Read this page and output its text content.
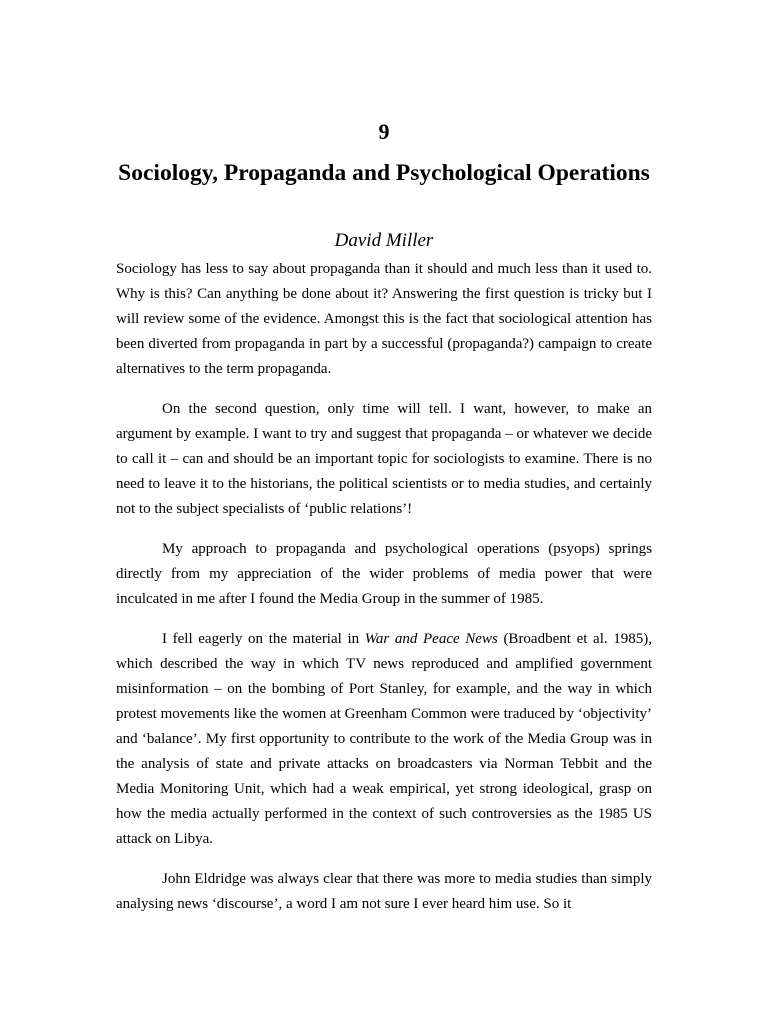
9
Sociology, Propaganda and Psychological Operations
David Miller

Sociology has less to say about propaganda than it should and much less than it used to. Why is this? Can anything be done about it? Answering the first question is tricky but I will review some of the evidence. Amongst this is the fact that sociological attention has been diverted from propaganda in part by a successful (propaganda?) campaign to create alternatives to the term propaganda.

On the second question, only time will tell. I want, however, to make an argument by example. I want to try and suggest that propaganda – or whatever we decide to call it – can and should be an important topic for sociologists to examine. There is no need to leave it to the historians, the political scientists or to media studies, and certainly not to the subject specialists of ‘public relations’!

My approach to propaganda and psychological operations (psyops) springs directly from my appreciation of the wider problems of media power that were inculcated in me after I found the Media Group in the summer of 1985.

I fell eagerly on the material in War and Peace News (Broadbent et al. 1985), which described the way in which TV news reproduced and amplified government misinformation – on the bombing of Port Stanley, for example, and the way in which protest movements like the women at Greenham Common were traduced by ‘objectivity’ and ‘balance’. My first opportunity to contribute to the work of the Media Group was in the analysis of state and private attacks on broadcasters via Norman Tebbit and the Media Monitoring Unit, which had a weak empirical, yet strong ideological, grasp on how the media actually performed in the context of such controversies as the 1985 US attack on Libya.

John Eldridge was always clear that there was more to media studies than simply analysing news ‘discourse’, a word I am not sure I ever heard him use. So it
